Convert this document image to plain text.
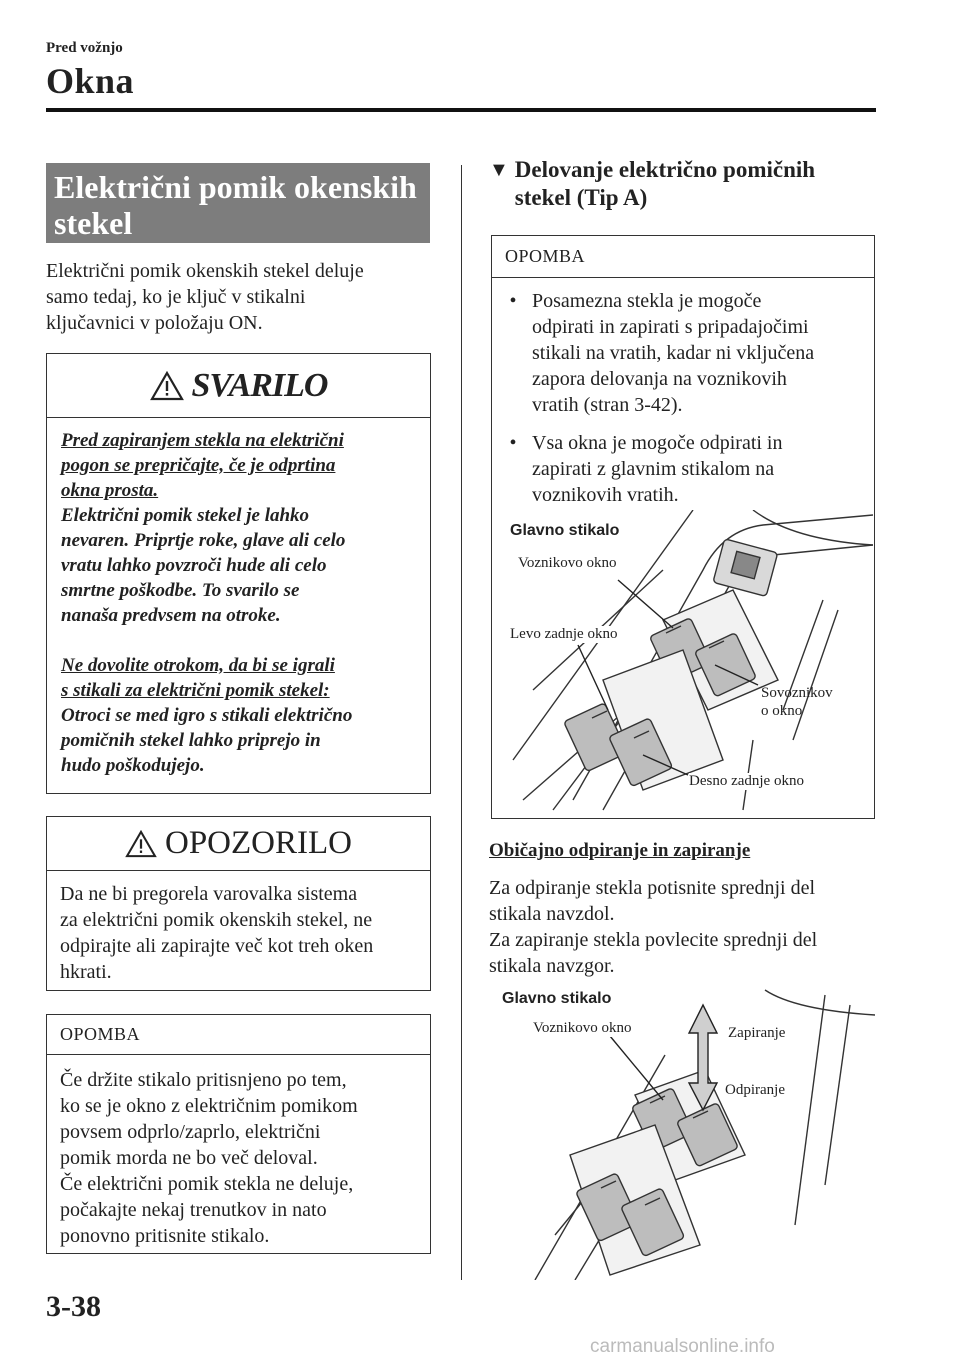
Pred vožnjo
Okna
Električni pomik okenskih stekel
Električni pomik okenskih stekel deluje
samo tedaj, ko je ključ v stikalni
ključavnici v položaju ON.
SVARILO
Pred zapiranjem stekla na električni
pogon se prepričajte, če je odprtina
okna prosta.
Električni pomik stekel je lahko
nevaren. Priprtje roke, glave ali celo
vratu lahko povzroči hude ali celo
smrtne poškodbe. To svarilo se
nanaša predvsem na otroke.
Ne dovolite otrokom, da bi se igrali
s stikali za električni pomik stekel:
Otroci se med igro s stikali električno
pomičnih stekel lahko priprejo in
hudo poškodujejo.
OPOZORILO
Da ne bi pregorela varovalka sistema
za električni pomik okenskih stekel, ne
odpirajte ali zapirajte več kot treh oken
hkrati.
OPOMBA
Če držite stikalo pritisnjeno po tem,
ko se je okno z električnim pomikom
povsem odprlo/zaprlo, električni
pomik morda ne bo več deloval.
Če električni pomik stekla ne deluje,
počakajte nekaj trenutkov in nato
ponovno pritisnite stikalo.
▼ Delovanje električno pomičnih
stekel (Tip A)
OPOMBA
• Posamezna stekla je mogoče
odpirati in zapirati s pripadajočimi
stikali na vratih, kadar ni vključena
zapora delovanja na voznikovih
vratih (stran 3-42).
• Vsa okna je mogoče odpirati in
zapirati z glavnim stikalom na
voznikovih vratih.
Glavno stikalo
Voznikovo okno
Levo zadnje okno
Sovoznikov
o okno
Desno zadnje okno
Običajno odpiranje in zapiranje
Za odpiranje stekla potisnite sprednji del
stikala navzdol.
Za zapiranje stekla povlecite sprednji del
stikala navzgor.
Glavno stikalo
Voznikovo okno	Zapiranje
Odpiranje
3-38
carmanualsonline.info
